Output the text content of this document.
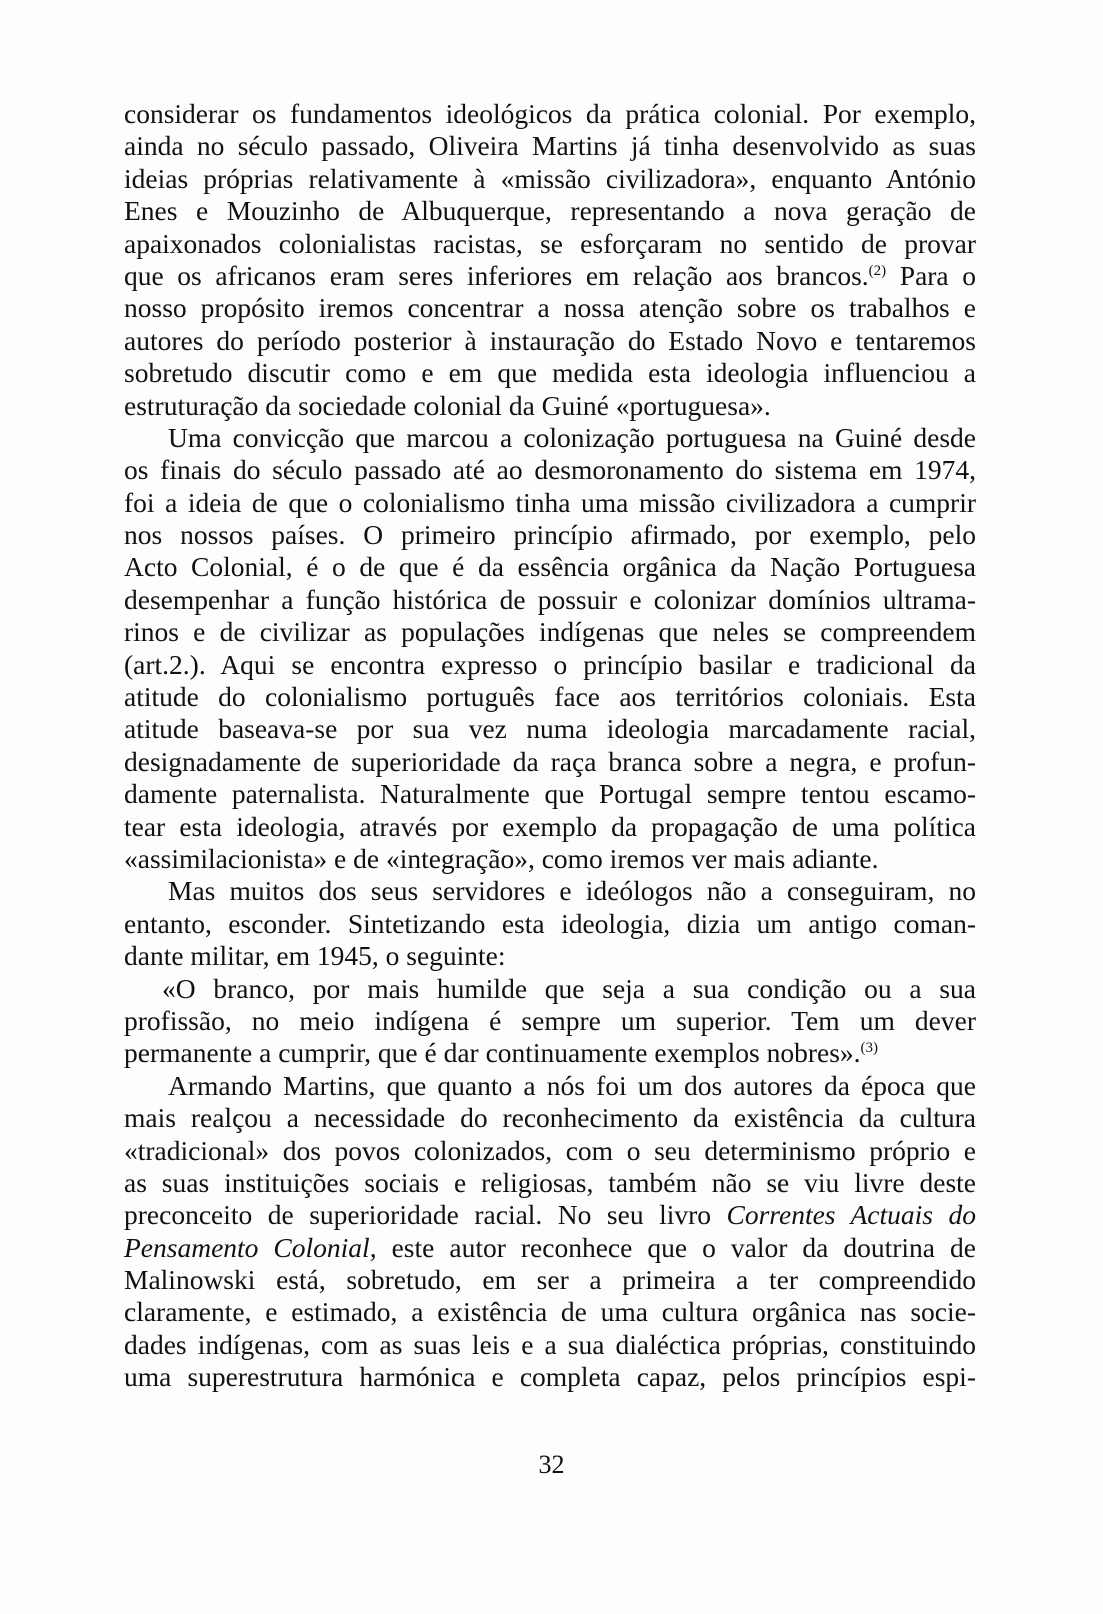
considerar os fundamentos ideológicos da prática colonial. Por exemplo,
ainda no século passado, Oliveira Martins já tinha desenvolvido as suas
ideias próprias relativamente à «missão civilizadora», enquanto António
Enes e Mouzinho de Albuquerque, representando a nova geração de
apaixonados colonialistas racistas, se esforçaram no sentido de provar
que os africanos eram seres inferiores em relação aos brancos.$^{(2)}$ Para o
nosso propósito iremos concentrar a nossa atenção sobre os trabalhos e
autores do período posterior à instauração do Estado Novo e tentaremos
sobretudo discutir como e em que medida esta ideologia influenciou a
estruturação da sociedade colonial da Guiné «portuguesa».
Uma convicção que marcou a colonização portuguesa na Guiné desde
os finais do século passado até ao desmoronamento do sistema em 1974,
foi a ideia de que o colonialismo tinha uma missão civilizadora a cumprir
nos nossos países. O primeiro princípio afirmado, por exemplo, pelo
Acto Colonial, é o de que é da essência orgânica da Nação Portuguesa
desempenhar a função histórica de possuir e colonizar domínios ultrama-
rinos e de civilizar as populações indígenas que neles se compreendem
(art.2.). Aqui se encontra expresso o princípio basilar e tradicional da
atitude do colonialismo português face aos territórios coloniais. Esta
atitude baseava-se por sua vez numa ideologia marcadamente racial,
designadamente de superioridade da raça branca sobre a negra, e profun-
damente paternalista. Naturalmente que Portugal sempre tentou escamo-
tear esta ideologia, através por exemplo da propagação de uma política
«assimilacionista» e de «integração», como iremos ver mais adiante.
Mas muitos dos seus servidores e ideólogos não a conseguiram, no
entanto, esconder. Sintetizando esta ideologia, dizia um antigo coman-
dante militar, em 1945, o seguinte:
«O branco, por mais humilde que seja a sua condição ou a sua
profissão, no meio indígena é sempre um superior. Tem um dever
permanente a cumprir, que é dar continuamente exemplos nobres».$^{(3)}$
Armando Martins, que quanto a nós foi um dos autores da época que
mais realçou a necessidade do reconhecimento da existência da cultura
«tradicional» dos povos colonizados, com o seu determinismo próprio e
as suas instituições sociais e religiosas, também não se viu livre deste
preconceito de superioridade racial. No seu livro Correntes Actuais do
Pensamento Colonial, este autor reconhece que o valor da doutrina de
Malinowski está, sobretudo, em ser a primeira a ter compreendido
claramente, e estimado, a existência de uma cultura orgânica nas socie-
dades indígenas, com as suas leis e a sua dialéctica próprias, constituindo
uma superestrutura harmónica e completa capaz, pelos princípios espi-
32
